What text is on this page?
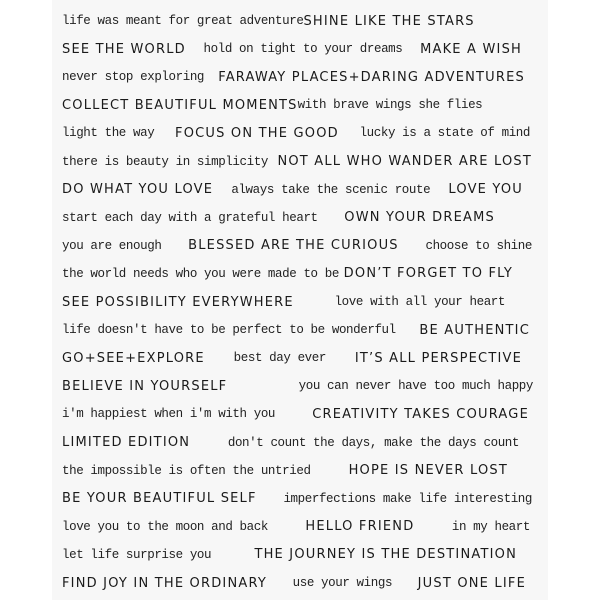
life was meant for great adventure SHINE LIKE THE STARS
SEE THE WORLD hold on tight to your dreams MAKE A WISH
never stop exploring FARAWAY PLACES+DARING ADVENTURES
COLLECT BEAUTIFUL MOMENTS with brave wings she flies
light the way FOCUS ON THE GOOD lucky is a state of mind
there is beauty in simplicity NOT ALL WHO WANDER ARE LOST
DO WHAT YOU LOVE always take the scenic route LOVE YOU
start each day with a grateful heart OWN YOUR DREAMS
you are enough BLESSED ARE THE CURIOUS choose to shine
the world needs who you were made to be DON’T FORGET TO FLY
SEE POSSIBILITY EVERYWHERE	love with all your heart
life doesn't have to be perfect to be wonderful BE AUTHENTIC
GO+SEE+EXPLORE best day ever IT’S ALL PERSPECTIVE
BELIEVE IN YOURSELF	you can never have too much happy
i'm happiest when i'm with you	CREATIVITY TAKES COURAGE
LIMITED EDITION	don't count the days, make the days count
the impossible is often the untried	HOPE IS NEVER LOST
BE YOUR BEAUTIFUL SELF imperfections make life interesting
love you to the moon and back	HELLO FRIEND	in my heart
let life surprise you	THE JOURNEY IS THE DESTINATION
FIND JOY IN THE ORDINARY use your wings JUST ONE LIFE
